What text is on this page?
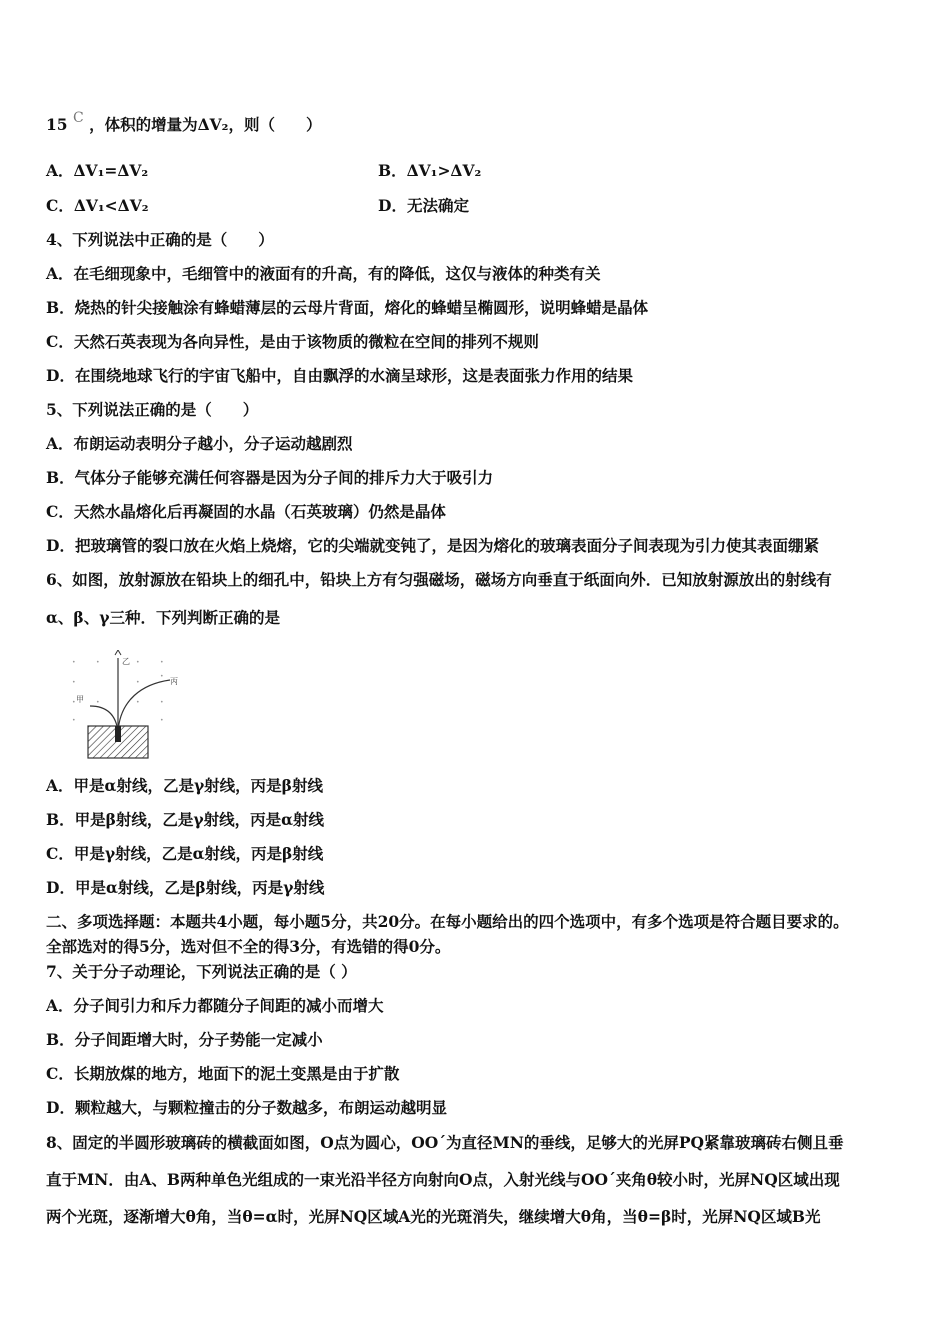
15 C ，体积的增量为ΔV₂，则（　　）
A．ΔV₁=ΔV₂	B．ΔV₁>ΔV₂
C．ΔV₁<ΔV₂	D．无法确定
4、下列说法中正确的是（　　）
A．在毛细现象中，毛细管中的液面有的升高，有的降低，这仅与液体的种类有关
B．烧热的针尖接触涂有蜂蜡薄层的云母片背面，熔化的蜂蜡呈椭圆形，说明蜂蜡是晶体
C．天然石英表现为各向异性，是由于该物质的微粒在空间的排列不规则
D．在围绕地球飞行的宇宙飞船中，自由飘浮的水滴呈球形，这是表面张力作用的结果
5、下列说法正确的是（　　）
A．布朗运动表明分子越小，分子运动越剧烈
B．气体分子能够充满任何容器是因为分子间的排斥力大于吸引力
C．天然水晶熔化后再凝固的水晶（石英玻璃）仍然是晶体
D．把玻璃管的裂口放在火焰上烧熔，它的尖端就变钝了，是因为熔化的玻璃表面分子间表现为引力使其表面绷紧
6、如图，放射源放在铅块上的细孔中，铅块上方有匀强磁场，磁场方向垂直于纸面向外．已知放射源放出的射线有
α、β、γ三种．下列判断正确的是
•	•	•	•
•	•
•
•	•	•	•
•	•
甲
乙
丙
A．甲是α射线，乙是γ射线，丙是β射线
B．甲是β射线，乙是γ射线，丙是α射线
C．甲是γ射线，乙是α射线，丙是β射线
D．甲是α射线，乙是β射线，丙是γ射线
二、多项选择题：本题共4小题，每小题5分，共20分。在每小题给出的四个选项中，有多个选项是符合题目要求的。
全部选对的得5分，选对但不全的得3分，有选错的得0分。
7、关于分子动理论，下列说法正确的是（ ）
A．分子间引力和斥力都随分子间距的减小而增大
B．分子间距增大时，分子势能一定减小
C．长期放煤的地方，地面下的泥土变黑是由于扩散
D．颗粒越大，与颗粒撞击的分子数越多，布朗运动越明显
8、固定的半圆形玻璃砖的横截面如图，O点为圆心，OO´为直径MN的垂线，足够大的光屏PQ紧靠玻璃砖右侧且垂
直于MN．由A、B两种单色光组成的一束光沿半径方向射向O点，入射光线与OO´夹角θ较小时，光屏NQ区域出现
两个光斑，逐渐增大θ角，当θ=α时，光屏NQ区域A光的光斑消失，继续增大θ角，当θ=β时，光屏NQ区域B光
